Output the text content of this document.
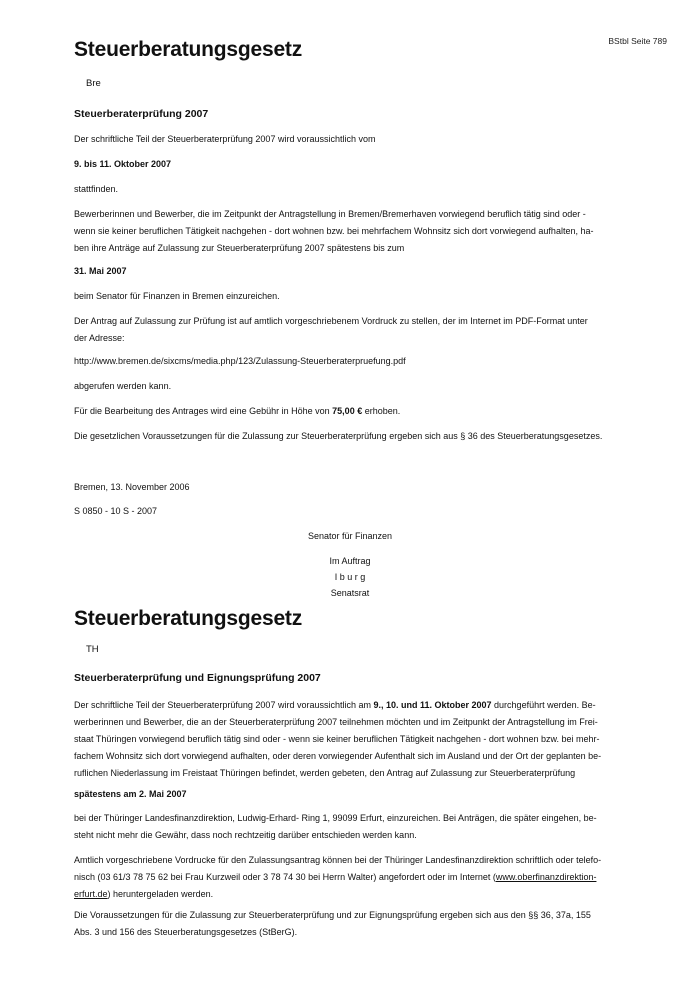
BStbl Seite 789
Steuerberatungsgesetz
Bre
Steuerberaterprüfung 2007
Der schriftliche Teil der Steuerberaterprüfung 2007 wird voraussichtlich vom
9. bis 11. Oktober 2007
stattfinden.
Bewerberinnen und Bewerber, die im Zeitpunkt der Antragstellung in Bremen/Bremerhaven vorwiegend beruflich tätig sind oder -
wenn sie keiner beruflichen Tätigkeit nachgehen - dort wohnen bzw. bei mehrfachem Wohnsitz sich dort vorwiegend aufhalten, ha-
ben ihre Anträge auf Zulassung zur Steuerberaterprüfung 2007 spätestens bis zum
31. Mai 2007
beim Senator für Finanzen in Bremen einzureichen.
Der Antrag auf Zulassung zur Prüfung ist auf amtlich vorgeschriebenem Vordruck zu stellen, der im Internet im PDF-Format unter
der Adresse:
http://www.bremen.de/sixcms/media.php/123/Zulassung-Steuerberaterpruefung.pdf
abgerufen werden kann.
Für die Bearbeitung des Antrages wird eine Gebühr in Höhe von 75,00 € erhoben.
Die gesetzlichen Voraussetzungen für die Zulassung zur Steuerberaterprüfung ergeben sich aus § 36 des Steuerberatungsgesetzes.
Bremen, 13. November 2006
S 0850 - 10 S - 2007
Senator für Finanzen
Im Auftrag
I b u r g
Senatsrat
Steuerberatungsgesetz
TH
Steuerberaterprüfung und Eignungsprüfung 2007
Der schriftliche Teil der Steuerberaterprüfung 2007 wird voraussichtlich am 9., 10. und 11. Oktober 2007 durchgeführt werden. Be-
werberinnen und Bewerber, die an der Steuerberaterprüfung 2007 teilnehmen möchten und im Zeitpunkt der Antragstellung im Frei-
staat Thüringen vorwiegend beruflich tätig sind oder - wenn sie keiner beruflichen Tätigkeit nachgehen - dort wohnen bzw. bei mehr-
fachem Wohnsitz sich dort vorwiegend aufhalten, oder deren vorwiegender Aufenthalt sich im Ausland und der Ort der geplanten be-
ruflichen Niederlassung im Freistaat Thüringen befindet, werden gebeten, den Antrag auf Zulassung zur Steuerberaterprüfung
spätestens am 2. Mai 2007
bei der Thüringer Landesfinanzdirektion, Ludwig-Erhard- Ring 1, 99099 Erfurt, einzureichen. Bei Anträgen, die später eingehen, be-
steht nicht mehr die Gewähr, dass noch rechtzeitig darüber entschieden werden kann.
Amtlich vorgeschriebene Vordrucke für den Zulassungsantrag können bei der Thüringer Landesfinanzdirektion schriftlich oder telefo-
nisch (03 61/3 78 75 62 bei Frau Kurzweil oder 3 78 74 30 bei Herrn Walter) angefordert oder im Internet (www.oberfinanzdirektion-
erfurt.de) heruntergeladen werden.
Die Voraussetzungen für die Zulassung zur Steuerberaterprüfung und zur Eignungsprüfung ergeben sich aus den §§ 36, 37a, 155
Abs. 3 und 156 des Steuerberatungsgesetzes (StBerG).
